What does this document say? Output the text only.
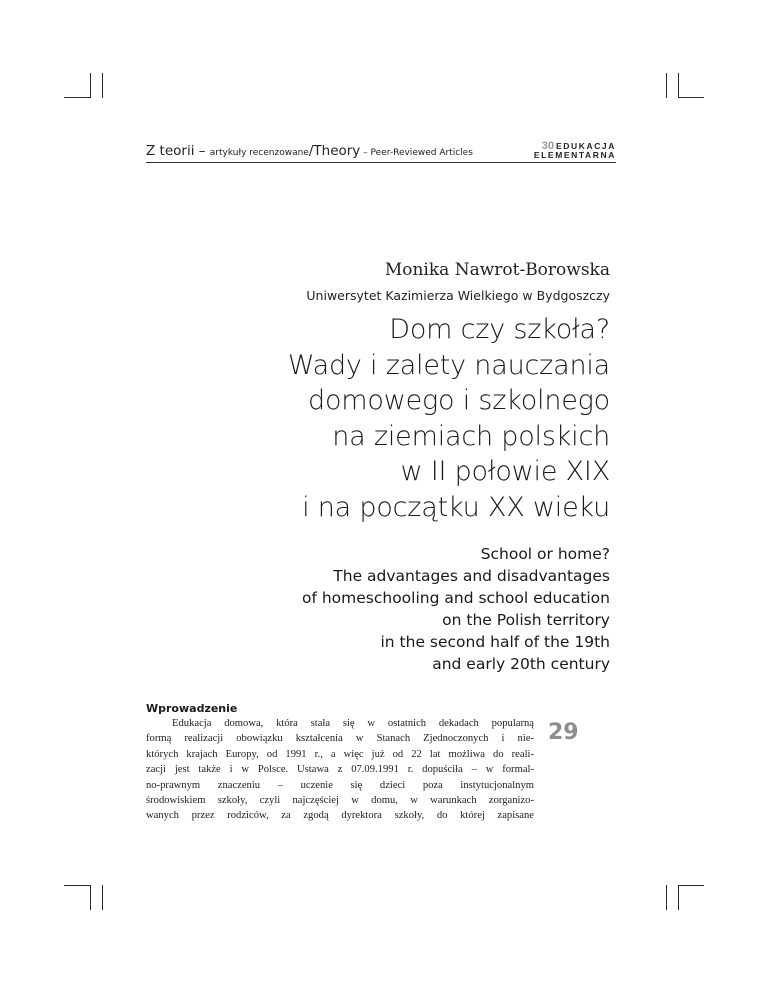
Z teorii – artykuły recenzowane/Theory – Peer-Reviewed Articles
30 EDUKACJA
ELEMENTARNA
Monika Nawrot-Borowska
Uniwersytet Kazimierza Wielkiego w Bydgoszczy
Dom czy szkoła?
Wady i zalety nauczania
domowego i szkolnego
na ziemiach polskich
w II połowie XIX
i na początku XX wieku
School or home?
The advantages and disadvantages
of homeschooling and school education
on the Polish territory
in the second half of the 19th
and early 20th century
Wprowadzenie
Edukacja domowa, która stała się w ostatnich dekadach popularną
formą realizacji obowiązku kształcenia w Stanach Zjednoczonych i nie-
których krajach Europy, od 1991 r., a więc już od 22 lat możliwa do reali-
zacji jest także i w Polsce. Ustawa z 07.09.1991 r. dopuściła – w formal-
no-prawnym znaczeniu – uczenie się dzieci poza instytucjonalnym
środowiskiem szkoły, czyli najczęściej w domu, w warunkach zorganizo-
wanych przez rodziców, za zgodą dyrektora szkoły, do której zapisane
29
